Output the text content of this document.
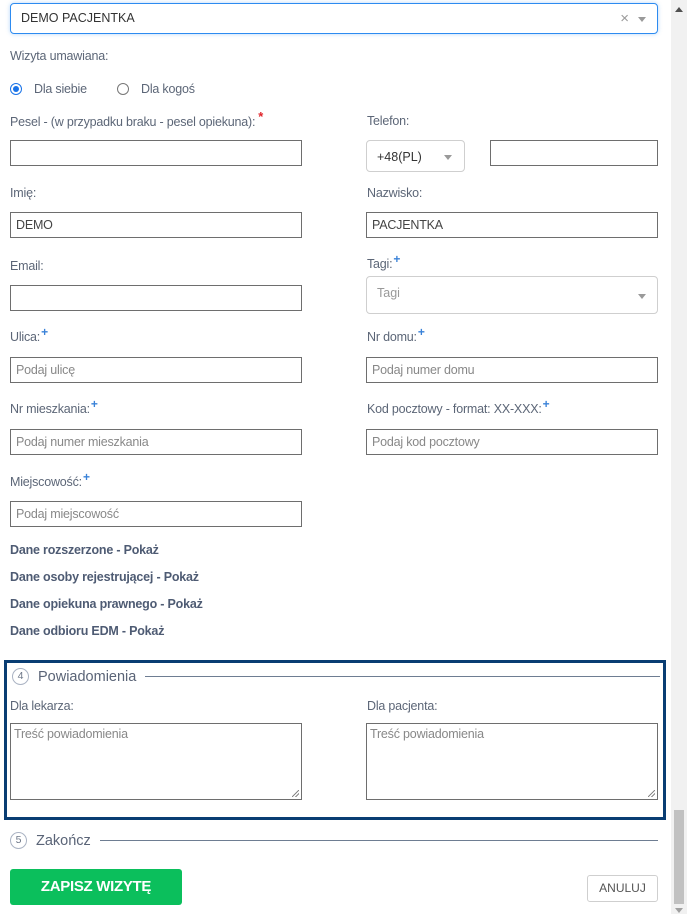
DEMO PACJENTKA	×
Wizyta umawiana:
Dla siebie	Dla kogoś
Pesel - (w przypadku braku - pesel opiekuna): *	Telefon:
+48(PL)
Imię:
DEMO
Nazwisko:
PACJENTKA
Email:	Tagi:+
Tagi
Ulica:+
Podaj ulicę
Nr domu:+
Podaj numer domu
Nr mieszkania:+
Podaj numer mieszkania
Kod pocztowy - format: XX-XXX:+
Podaj kod pocztowy
Miejscowość:+
Podaj miejscowość
Dane rozszerzone - Pokaż
Dane osoby rejestrującej - Pokaż
Dane opiekuna prawnego - Pokaż
Dane odbioru EDM - Pokaż
4	Powiadomienia
Dla lekarza:
Treść powiadomienia
Dla pacjenta:
Treść powiadomienia
5	Zakończ
ZAPISZ WIZYTĘ	ANULUJ
